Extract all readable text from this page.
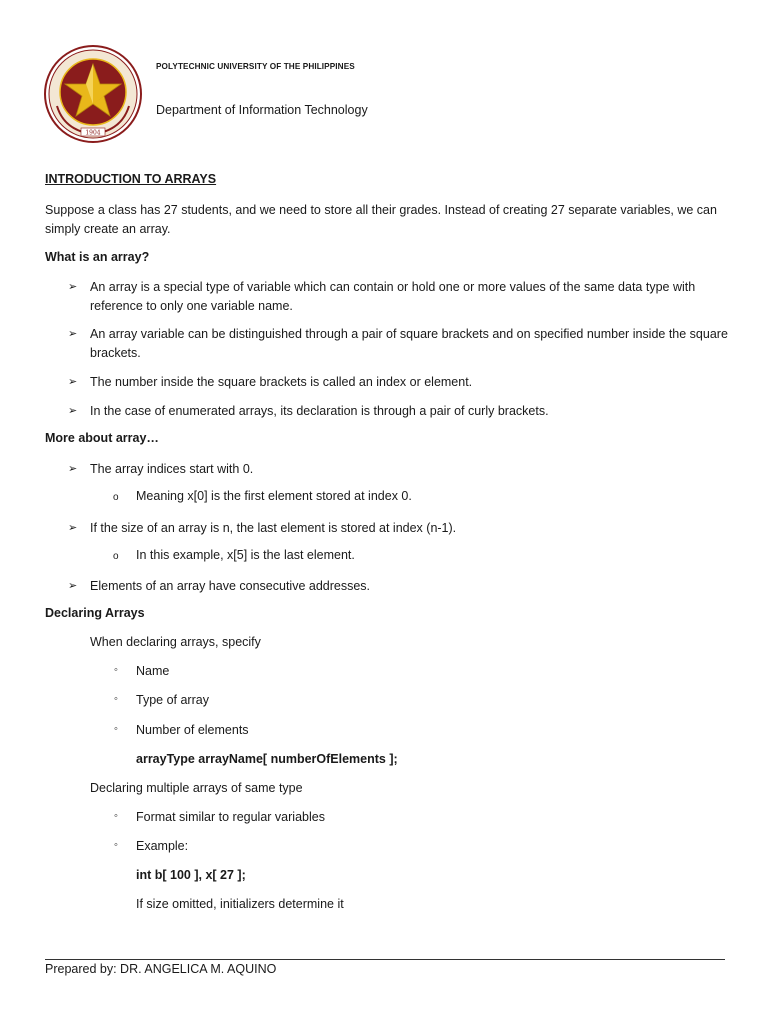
1904
POLYTECHNIC UNIVERSITY OF THE PHILIPPINES
Department of Information Technology
INTRODUCTION TO ARRAYS
Suppose a class has 27 students, and we need to store all their grades. Instead of creating 27 separate variables, we can simply create an array.
What is an array?
➢ An array is a special type of variable which can contain or hold one or more values of the same data type with reference to only one variable name.
➢ An array variable can be distinguished through a pair of square brackets and on specified number inside the square brackets.
➢ The number inside the square brackets is called an index or element.
➢ In the case of enumerated arrays, its declaration is through a pair of curly brackets.
More about array…
➢ The array indices start with 0.
o Meaning x[0] is the first element stored at index 0.
➢ If the size of an array is n, the last element is stored at index (n-1).
o In this example, x[5] is the last element.
➢ Elements of an array have consecutive addresses.
Declaring Arrays
When declaring arrays, specify
◦ Name
◦ Type of array
◦ Number of elements
arrayType arrayName[ numberOfElements ];
Declaring multiple arrays of same type
◦ Format similar to regular variables
◦ Example:
int b[ 100 ], x[ 27 ];
If size omitted, initializers determine it
Prepared by: DR. ANGELICA M. AQUINO
